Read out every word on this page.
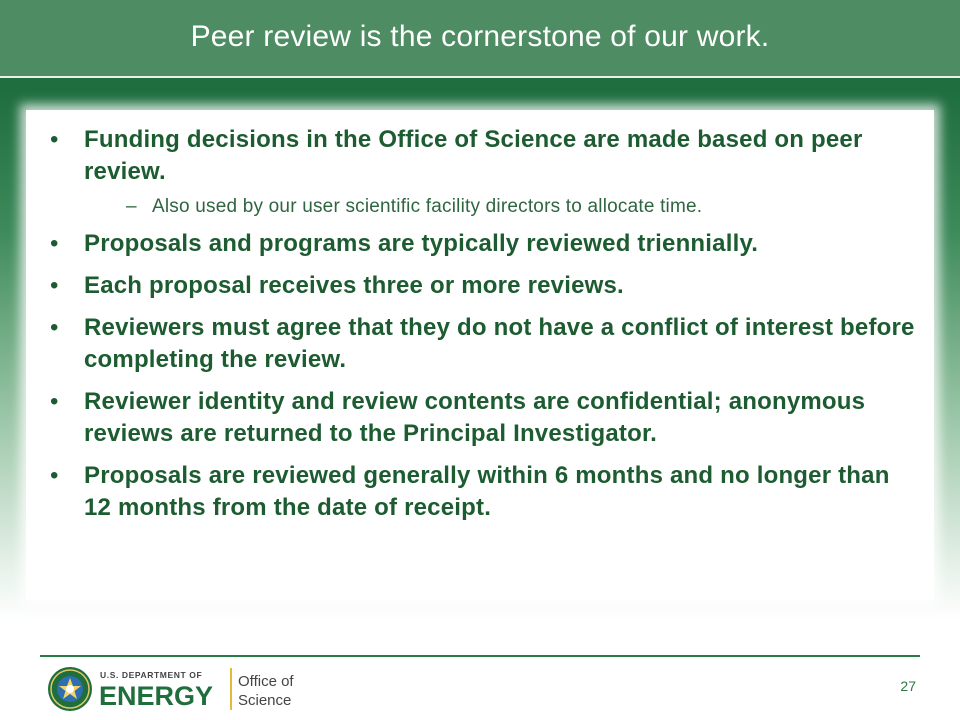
Peer review is the cornerstone of our work.
• Funding decisions in the Office of Science are made based on peer review.
– Also used by our user scientific facility directors to allocate time.
• Proposals and programs are typically reviewed triennially.
• Each proposal receives three or more reviews.
• Reviewers must agree that they do not have a conflict of interest before completing the review.
• Reviewer identity and review contents are confidential; anonymous reviews are returned to the Principal Investigator.
• Proposals are reviewed generally within 6 months and no longer than 12 months from the date of receipt.
U.S. DEPARTMENT OF
ENERGY Office of
Science
27
